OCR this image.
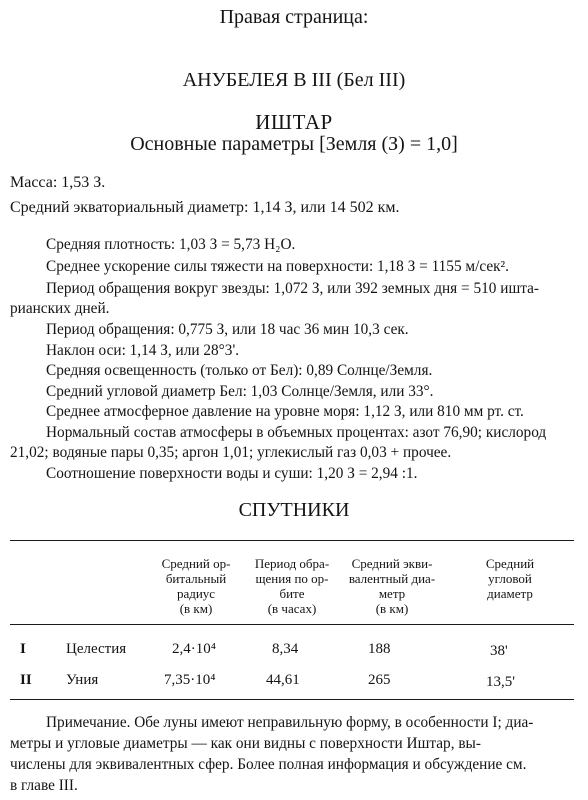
Правая страница:
АНУБЕЛЕЯ В III (Бел III)
ИШТАР
Основные параметры [Земля (З) = 1,0]
Масса: 1,53 З.
Средний экваториальный диаметр: 1,14 З, или 14 502 км.
Средняя плотность: 1,03 З = 5,73 H₂O.
Среднее ускорение силы тяжести на поверхности: 1,18 З = 1155 м/сек².
Период обращения вокруг звезды: 1,072 З, или 392 земных дня = 510 ишта-
рианских дней.
Период обращения: 0,775 З, или 18 час 36 мин 10,3 сек.
Наклон оси: 1,14 З, или 28°3'.
Средняя освещенность (только от Бел): 0,89 Солнце/Земля.
Средний угловой диаметр Бел: 1,03 Солнце/Земля, или 33°.
Среднее атмосферное давление на уровне моря: 1,12 З, или 810 мм рт. ст.
Нормальный состав атмосферы в объемных процентах: азот 76,90; кислород
21,02; водяные пары 0,35; аргон 1,01; углекислый газ 0,03 + прочее.
Соотношение поверхности воды и суши: 1,20 З = 2,94 :1.
СПУТНИКИ
Средний ор-
битальный
радиус
(в км)
Период обра-
щения по ор-
бите
(в часах)
Средний экви-
валентный диа-
метр
(в км)
Средний
угловой
диаметр
I	Целестия	2,4·10⁴	8,34	188	38'
II Уния	7,35·10⁴	44,61	265	13,5'
Примечание. Обе луны имеют неправильную форму, в особенности I; диа-
метры и угловые диаметры — как они видны с поверхности Иштар, вы-
числены для эквивалентных сфер. Более полная информация и обсуждение см.
в главе III.
